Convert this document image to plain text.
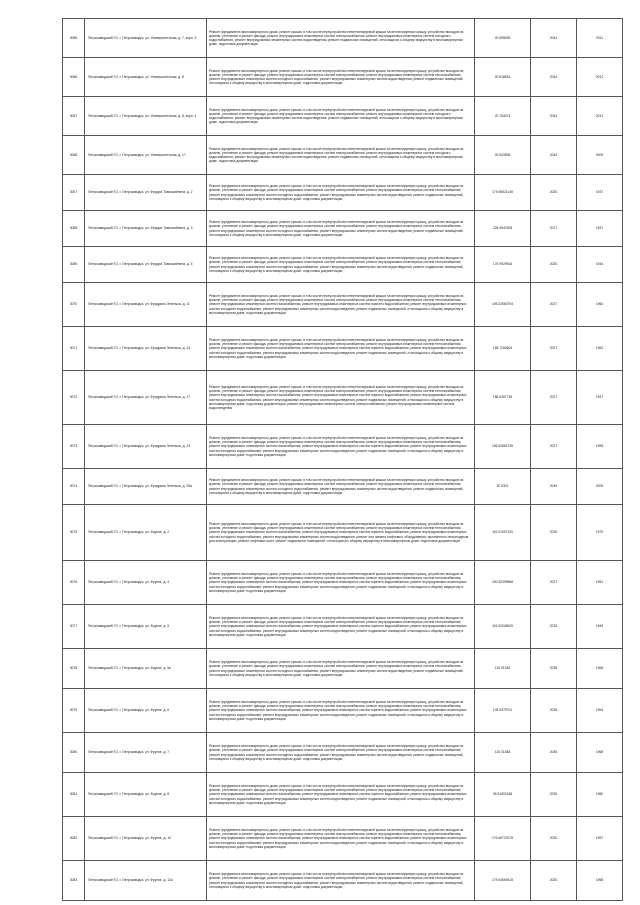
3065	Петрозаводский ГО, г. Петрозаводск, ул. Университетская, д. 7, корп. 3	Ремонт фундамента многоквартирного дома, ремонт крыши, в том числе переустройство невентилируемой крыши на вентилируемую крышу, устройство выходов на кровлю, утепление и ремонт фасада, ремонт внутридомовых инженерных систем электроснабжения, ремонт внутридомовых инженерных систем холодного водоснабжения, ремонт внутридомовых инженерных систем водоотведения, ремонт подвальных помещений, относящихся к общему имуществу в многоквартирном доме, подготовка документации	20 655535	2044	2011
3066	Петрозаводский ГО, г. Петрозаводск, ул. Университетская, д. 8	Ремонт фундамента многоквартирного дома, ремонт крыши, в том числе переустройство невентилируемой крыши на вентилируемую крышу, устройство выходов на кровлю, утепление и ремонт фасада, ремонт внутридомовых инженерных систем электроснабжения, ремонт внутридомовых инженерных систем теплоснабжения, ремонт внутридомовых инженерных систем холодного водоснабжения, ремонт внутридомовых инженерных систем водоотведения, ремонт подвальных помещений, относящихся к общему имуществу в многоквартирном доме, подготовка документации	20 518634	2044	2012
3067	Петрозаводский ГО, г. Петрозаводск, ул. Университетская, д. 8, корп. 4	Ремонт фундамента многоквартирного дома, ремонт крыши, в том числе переустройство невентилируемой крыши на вентилируемую крышу, устройство выходов на кровлю, утепление и ремонт фасада, ремонт внутридомовых инженерных систем электроснабжения, ремонт внутридомовых инженерных систем холодного водоснабжения, ремонт внутридомовых инженерных систем водоотведения, ремонт подвальных помещений, относящихся к общему имуществу в многоквартирном доме, подготовка документации	20 764074	2044	2012
3068	Петрозаводский ГО, г. Петрозаводск, ул. Университетская, д. 17	Ремонт фундамента многоквартирного дома, ремонт крыши, в том числе переустройство невентилируемой крыши на вентилируемую крышу, устройство выходов на кровлю, утепление и ремонт фасада, ремонт внутридомовых инженерных систем электроснабжения, ремонт внутридомовых инженерных систем холодного водоснабжения, ремонт внутридомовых инженерных систем водоотведения, ремонт подвальных помещений, относящихся к общему имуществу в многоквартирном доме, подготовка документации	20 643508	2044	2009
3067	Петрозаводский ГО, г. Петрозаводск, ул. Федора Тимоскайнена, д. 2	Ремонт фундамента многоквартирного дома, ремонт крыши, в том числе переустройство невентилируемой крыши на вентилируемую крышу, устройство выходов на кровлю, утепление и ремонт фасада, ремонт внутридомовых инженерных систем электроснабжения, ремонт внутридомовых инженерных систем теплоснабжения, ремонт внутридомовых инженерных систем холодного водоснабжения, ремонт внутридомовых инженерных систем водоотведения, ремонт подвальных помещений, относящихся к общему имуществу в многоквартирном доме, подготовка документации	175 55521148	2020	1937
3068	Петрозаводский ГО, г. Петрозаводск, ул. Федора Тимоскайнена, д. 3	Ремонт фундамента многоквартирного дома, ремонт крыши, в том числе переустройство невентилируемой крыши на вентилируемую крышу, устройство выходов на кровлю, утепление и ремонт фасада, ремонт внутридомовых инженерных систем электроснабжения, ремонт внутридомовых инженерных систем теплоснабжения, ремонт внутридомовых инженерных систем холодного водоснабжения, ремонт внутридомовых инженерных систем водоотведения, ремонт подвальных помещений, относящихся к общему имуществу в многоквартирном доме, подготовка документации	226 4942305	2017	1937
3069	Петрозаводский ГО, г. Петрозаводск, ул. Федора Тимоскайнена, д. 5	Ремонт фундамента многоквартирного дома, ремонт крыши, в том числе переустройство невентилируемой крыши на вентилируемую крышу, устройство выходов на кровлю, утепление и ремонт фасада, ремонт внутридомовых инженерных систем электроснабжения, ремонт внутридомовых инженерных систем теплоснабжения, ремонт внутридомовых инженерных систем холодного водоснабжения, ремонт внутридомовых инженерных систем водоотведения, ремонт подвальных помещений, относящихся к общему имуществу в многоквартирном доме, подготовка документации	175 9929516	2020	1934
3070	Петрозаводский ГО, г. Петрозаводск, ул. Фридриха Энгельса, д. 11	Ремонт фундамента многоквартирного дома, ремонт крыши, в том числе переустройство невентилируемой крыши на вентилируемую крышу, устройство выходов на кровлю, утепление и ремонт фасада, ремонт внутридомовых инженерных систем электроснабжения, ремонт внутридомовых инженерных систем теплоснабжения, ремонт внутридомовых инженерных систем газоснабжения, ремонт внутридомовых инженерных систем горячего водоснабжения, ремонт внутридомовых инженерных систем холодного водоснабжения, ремонт внутридомовых инженерных систем водоотведения, ремонт подвальных помещений, относящихся к общему имуществу в многоквартирном доме, подготовка документации	155 22560794	2027	1960
3071	Петрозаводский ГО, г. Петрозаводск, ул. Фридриха Энгельса, д. 13	Ремонт фундамента многоквартирного дома, ремонт крыши, в том числе переустройство невентилируемой крыши на вентилируемую крышу, устройство выходов на кровлю, утепление и ремонт фасада, ремонт внутридомовых инженерных систем электроснабжения, ремонт внутридомовых инженерных систем теплоснабжения, ремонт внутридомовых инженерных систем газоснабжения, ремонт внутридомовых инженерных систем горячего водоснабжения, ремонт внутридомовых инженерных систем холодного водоснабжения, ремонт внутридомовых инженерных систем водоотведения, ремонт подвальных помещений, относящихся к общему имуществу в многоквартирном доме, подготовка документации	156 7260604	2027	1962
3072	Петрозаводский ГО, г. Петрозаводск, ул. Фридриха Энгельса, д. 17	Ремонт фундамента многоквартирного дома, ремонт крыши, в том числе переустройство невентилируемой крыши на вентилируемую крышу, устройство выходов на кровлю, утепление и ремонт фасада, ремонт внутридомовых инженерных систем электроснабжения, ремонт внутридомовых инженерных систем теплоснабжения, ремонт внутридомовых инженерных систем газоснабжения, ремонт внутридомовых инженерных систем горячего водоснабжения, ремонт внутридомовых инженерных систем холодного водоснабжения, ремонт внутридомовых инженерных систем водоотведения, ремонт подвальных помещений, относящихся к общему имуществу в многоквартирном доме, подготовка документации, ремонт внутридомовых инженерных систем электроснабжения, ремонт внутридомовых инженерных систем водоотведения	156 6287735	2027	1947
3073	Петрозаводский ГО, г. Петрозаводск, ул. Фридриха Энгельса, д. 23	Ремонт фундамента многоквартирного дома, ремонт крыши, в том числе переустройство невентилируемой крыши на вентилируемую крышу, устройство выходов на кровлю, утепление и ремонт фасада, ремонт внутридомовых инженерных систем электроснабжения, ремонт внутридомовых инженерных систем теплоснабжения, ремонт внутридомовых инженерных систем газоснабжения, ремонт внутридомовых инженерных систем горячего водоснабжения, ремонт внутридомовых инженерных систем холодного водоснабжения, ремонт внутридомовых инженерных систем водоотведения, ремонт подвальных помещений, относящихся к общему имуществу в многоквартирном доме, подготовка документации	156 52864736	2027	1955
3074	Петрозаводский ГО, г. Петрозаводск, ул. Фридриха Энгельса, д. 25а	Ремонт фундамента многоквартирного дома, ремонт крыши, в том числе переустройство невентилируемой крыши на вентилируемую крышу, устройство выходов на кровлю, утепление и ремонт фасада, ремонт внутридомовых инженерных систем электроснабжения, ремонт внутридомовых инженерных систем теплоснабжения, ремонт внутридомовых инженерных систем холодного водоснабжения, ремонт внутридомовых инженерных систем водоотведения, ремонт подвальных помещений, относящихся к общему имуществу в многоквартирном доме, подготовка документации	30 5301	2049	2005
3075	Петрозаводский ГО, г. Петрозаводск, ул. Фрунзе, д. 2	Ремонт фундамента многоквартирного дома, ремонт крыши, в том числе переустройство невентилируемой крыши на вентилируемую крышу, устройство выходов на кровлю, утепление и ремонт фасада, ремонт внутридомовых инженерных систем электроснабжения, ремонт внутридомовых инженерных систем теплоснабжения, ремонт внутридомовых инженерных систем газоснабжения, ремонт внутридомовых инженерных систем горячего водоснабжения, ремонт внутридомовых инженерных систем холодного водоснабжения, ремонт внутридомовых инженерных систем водоотведения, ремонт или замена лифтового оборудования, признанного непригодным для эксплуатации, ремонт лифтовых шахт, ремонт подвальных помещений, относящихся к общему имуществу в многоквартирном доме, подготовка документации	116 01097100	2020	1970
3076	Петрозаводский ГО, г. Петрозаводск, ул. Фрунзе, д. 4	Ремонт фундамента многоквартирного дома, ремонт крыши, в том числе переустройство невентилируемой крыши на вентилируемую крышу, устройство выходов на кровлю, утепление и ремонт фасада, ремонт внутридомовых инженерных систем электроснабжения, ремонт внутридомовых инженерных систем теплоснабжения, ремонт внутридомовых инженерных систем газоснабжения, ремонт внутридомовых инженерных систем горячего водоснабжения, ремонт внутридомовых инженерных систем холодного водоснабжения, ремонт внутридомовых инженерных систем водоотведения, ремонт подвальных помещений, относящихся к общему имуществу в многоквартирном доме, подготовка документации	150 52399568	2027	1951
3077	Петрозаводский ГО, г. Петрозаводск, ул. Фрунзе, д. 5	Ремонт фундамента многоквартирного дома, ремонт крыши, в том числе переустройство невентилируемой крыши на вентилируемую крышу, устройство выходов на кровлю, утепление и ремонт фасада, ремонт внутридомовых инженерных систем электроснабжения, ремонт внутридомовых инженерных систем теплоснабжения, ремонт внутридомовых инженерных систем газоснабжения, ремонт внутридомовых инженерных систем горячего водоснабжения, ремонт внутридомовых инженерных систем холодного водоснабжения, ремонт внутридомовых инженерных систем водоотведения, ремонт подвальных помещений, относящихся к общему имуществу в многоквартирном доме, подготовка документации	116 32046529	2032	1949
3078	Петрозаводский ГО, г. Петрозаводск, ул. Фрунзе, д. 5а	Ремонт фундамента многоквартирного дома, ремонт крыши, в том числе переустройство невентилируемой крыши на вентилируемую крышу, устройство выходов на кровлю, утепление и ремонт фасада, ремонт внутридомовых инженерных систем электроснабжения, ремонт внутридомовых инженерных систем теплоснабжения, ремонт внутридомовых инженерных систем холодного водоснабжения, ремонт внутридомовых инженерных систем водоотведения, ремонт подвальных помещений, относящихся к общему имуществу в многоквартирном доме, подготовка документации	115 91348	2035	1966
3079	Петрозаводский ГО, г. Петрозаводск, ул. Фрунзе, д. 6	Ремонт фундамента многоквартирного дома, ремонт крыши, в том числе переустройство невентилируемой крыши на вентилируемую крышу, устройство выходов на кровлю, утепление и ремонт фасада, ремонт внутридомовых инженерных систем электроснабжения, ремонт внутридомовых инженерных систем теплоснабжения, ремонт внутридомовых инженерных систем газоснабжения, ремонт внутридомовых инженерных систем горячего водоснабжения, ремонт внутридомовых инженерных систем холодного водоснабжения, ремонт внутридомовых инженерных систем водоотведения, ремонт подвальных помещений, относящихся к общему имуществу в многоквартирном доме, подготовка документации	105 9379701	2028	1964
3080	Петрозаводский ГО, г. Петрозаводск, ул. Фрунзе, д. 7	Ремонт фундамента многоквартирного дома, ремонт крыши, в том числе переустройство невентилируемой крыши на вентилируемую крышу, устройство выходов на кровлю, утепление и ремонт фасада, ремонт внутридомовых инженерных систем электроснабжения, ремонт внутридомовых инженерных систем теплоснабжения, ремонт внутридомовых инженерных систем холодного водоснабжения, ремонт внутридомовых инженерных систем водоотведения, ремонт подвальных помещений, относящихся к общему имуществу в многоквартирном доме, подготовка документации	115 31488	2035	1968
3081	Петрозаводский ГО, г. Петрозаводск, ул. Фрунзе, д. 8	Ремонт фундамента многоквартирного дома, ремонт крыши, в том числе переустройство невентилируемой крыши на вентилируемую крышу, устройство выходов на кровлю, утепление и ремонт фасада, ремонт внутридомовых инженерных систем электроснабжения, ремонт внутридомовых инженерных систем теплоснабжения, ремонт внутридомовых инженерных систем газоснабжения, ремонт внутридомовых инженерных систем горячего водоснабжения, ремонт внутридомовых инженерных систем холодного водоснабжения, ремонт внутридомовых инженерных систем водоотведения, ремонт подвальных помещений, относящихся к общему имуществу в многоквартирном доме, подготовка документации	95 51692168	2030	1960
3082	Петрозаводский ГО, г. Петрозаводск, ул. Фрунзе, д. 10	Ремонт фундамента многоквартирного дома, ремонт крыши, в том числе переустройство невентилируемой крыши на вентилируемую крышу, устройство выходов на кровлю, утепление и ремонт фасада, ремонт внутридомовых инженерных систем электроснабжения, ремонт внутридомовых инженерных систем теплоснабжения, ремонт внутридомовых инженерных систем газоснабжения, ремонт внутридомовых инженерных систем горячего водоснабжения, ремонт внутридомовых инженерных систем холодного водоснабжения, ремонт внутридомовых инженерных систем водоотведения, ремонт подвальных помещений, относящихся к общему имуществу в многоквартирном доме, подготовка документации	176 66723278	2020	1957
3083	Петрозаводский ГО, г. Петрозаводск, ул. Фрунзе, д. 12а	Ремонт фундамента многоквартирного дома, ремонт крыши, в том числе переустройство невентилируемой крыши на вентилируемую крышу, устройство выходов на кровлю, утепление и ремонт фасада, ремонт внутридомовых инженерных систем электроснабжения, ремонт внутридомовых инженерных систем теплоснабжения, ремонт внутридомовых инженерных систем холодного водоснабжения, ремонт внутридомовых инженерных систем водоотведения, ремонт подвальных помещений, относящихся к общему имуществу в многоквартирном доме, подготовка документации	175 54569415	2020	1958
